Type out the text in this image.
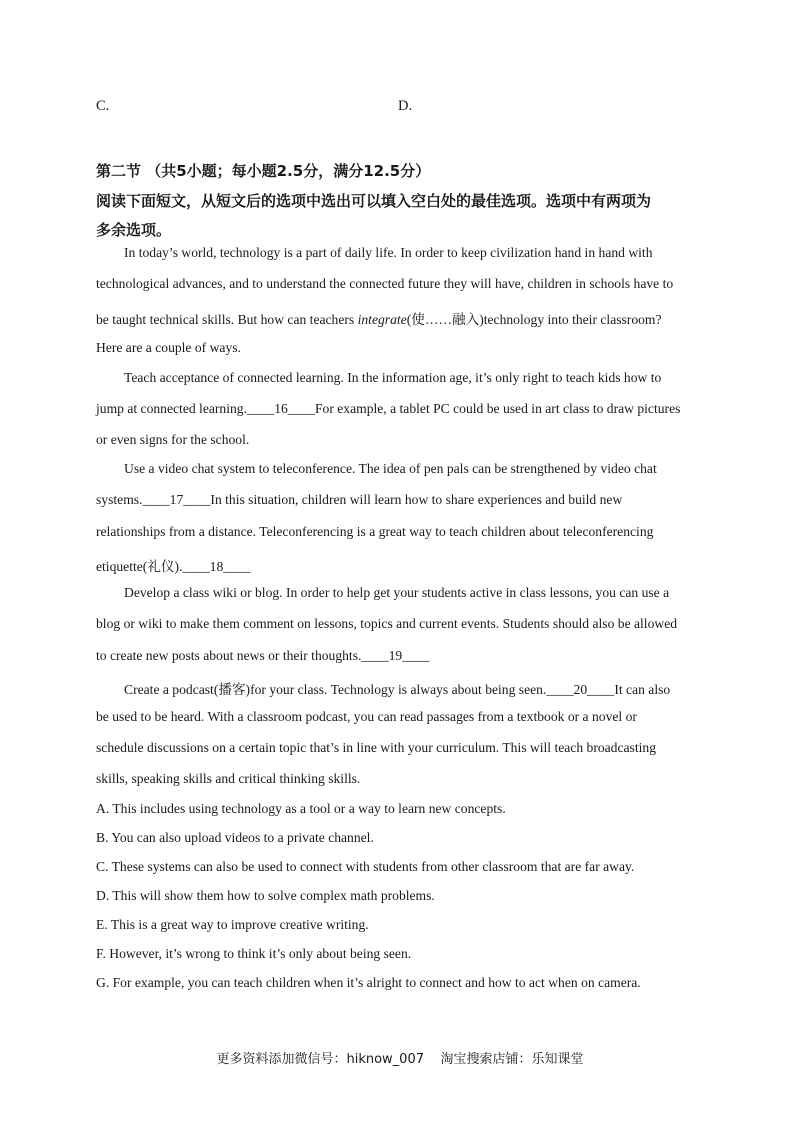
C.	D.
第二节 （共5小题；每小题2.5分，满分12.5分）
阅读下面短文，从短文后的选项中选出可以填入空白处的最佳选项。选项中有两项为
多余选项。
In today’s world, technology is a part of daily life. In order to keep civilization hand in hand with
technological advances, and to understand the connected future they will have, children in schools have to
be taught technical skills. But how can teachers integrate(使……融入)technology into their classroom?
Here are a couple of ways.
Teach acceptance of connected learning. In the information age, it’s only right to teach kids how to
jump at connected learning.____16____For example, a tablet PC could be used in art class to draw pictures
or even signs for the school.
Use a video chat system to teleconference. The idea of pen pals can be strengthened by video chat
systems.____17____In this situation, children will learn how to share experiences and build new
relationships from a distance. Teleconferencing is a great way to teach children about teleconferencing
etiquette(礼仪).____18____
Develop a class wiki or blog. In order to help get your students active in class lessons, you can use a
blog or wiki to make them comment on lessons, topics and current events. Students should also be allowed
to create new posts about news or their thoughts.____19____
Create a podcast(播客)for your class. Technology is always about being seen.____20____It can also
be used to be heard. With a classroom podcast, you can read passages from a textbook or a novel or
schedule discussions on a certain topic that’s in line with your curriculum. This will teach broadcasting
skills, speaking skills and critical thinking skills.
A. This includes using technology as a tool or a way to learn new concepts.
B. You can also upload videos to a private channel.
C. These systems can also be used to connect with students from other classroom that are far away.
D. This will show them how to solve complex math problems.
E. This is a great way to improve creative writing.
F. However, it’s wrong to think it’s only about being seen.
G. For example, you can teach children when it’s alright to connect and how to act when on camera.
更多资料添加微信号：hiknow_007    淘宝搜索店铺：乐知课堂
